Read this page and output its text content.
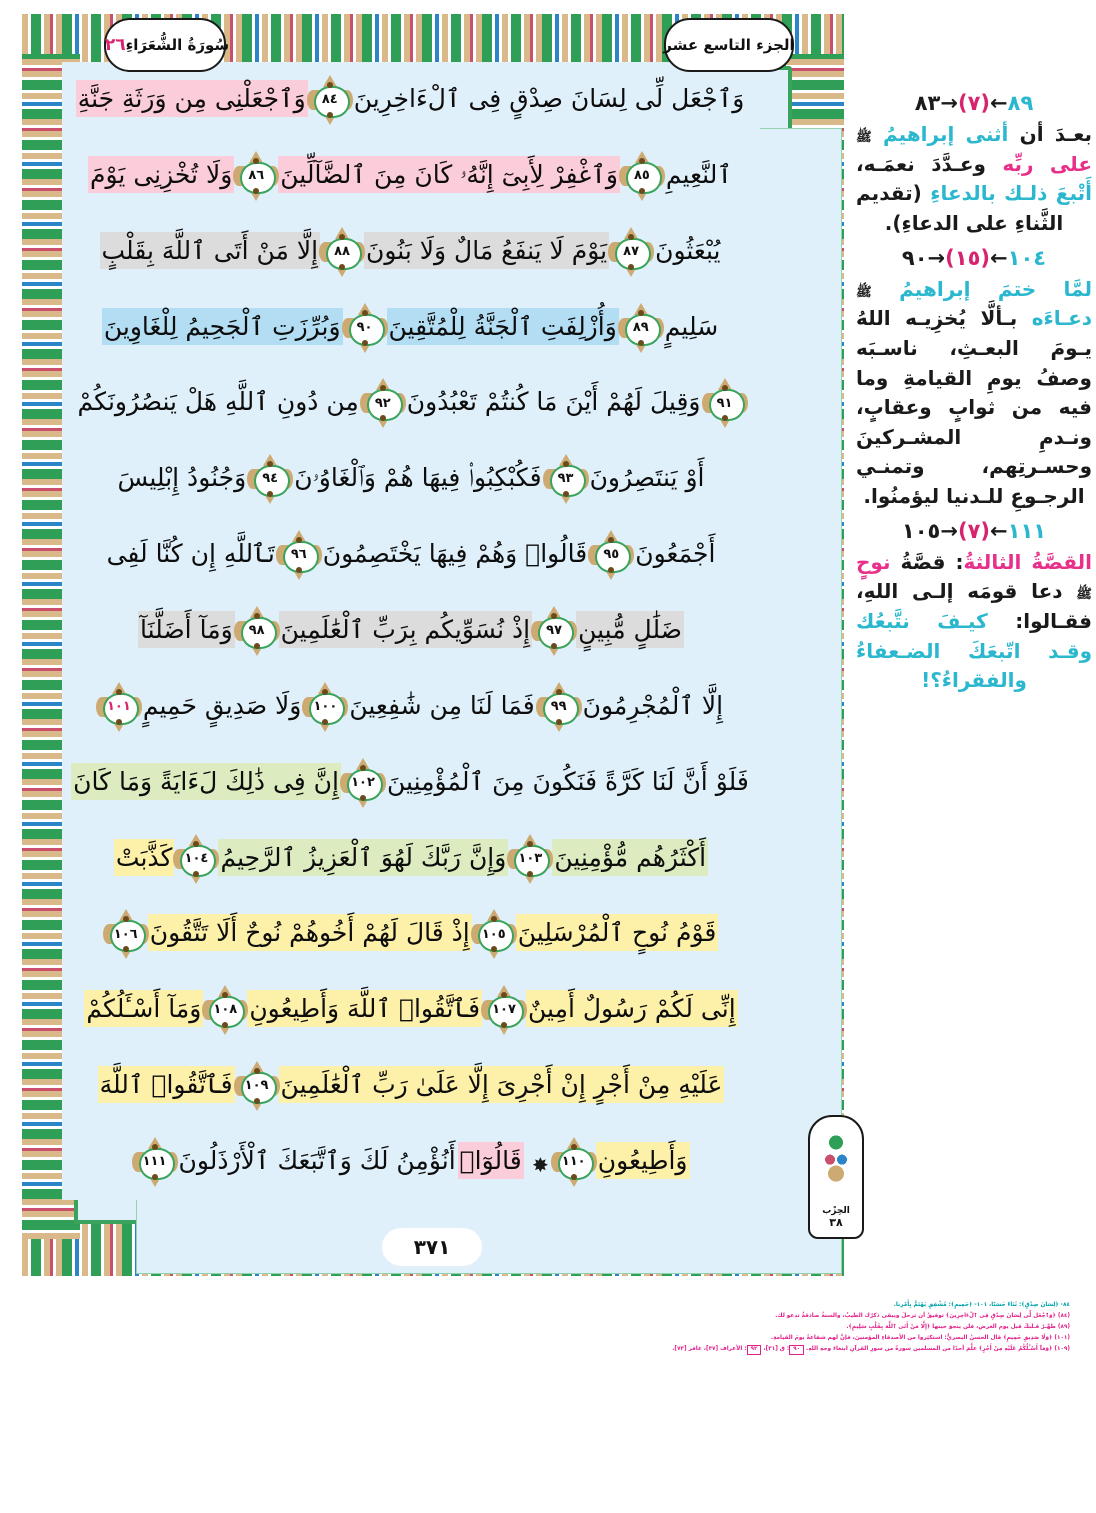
٢٦ سُورَةُ الشُّعَرَاءِ	الجزء التاسع عشر
وَٱجْعَل لِّى لِسَانَ صِدْقٍ فِى ٱلْءَاخِرِينَ
٨٤
وَٱجْعَلْنِى مِن وَرَثَةِ جَنَّةِ
ٱلنَّعِيمِ
٨٥
وَٱغْفِرْ لِأَبِىٓ إِنَّهُۥ كَانَ مِنَ ٱلضَّآلِّينَ
٨٦
وَلَا تُخْزِنِى يَوْمَ
يُبْعَثُونَ
٨٧
يَوْمَ لَا يَنفَعُ مَالٌ وَلَا بَنُونَ
٨٨
إِلَّا مَنْ أَتَى ٱللَّهَ بِقَلْبٍ
سَلِيمٍ
٨٩
وَأُزْلِفَتِ ٱلْجَنَّةُ لِلْمُتَّقِينَ
٩٠
وَبُرِّزَتِ ٱلْجَحِيمُ لِلْغَاوِينَ
٩١
وَقِيلَ لَهُمْ أَيْنَ مَا كُنتُمْ تَعْبُدُونَ
٩٢
مِن دُونِ ٱللَّهِ هَلْ يَنصُرُونَكُمْ
أَوْ يَنتَصِرُونَ
٩٣
فَكُبْكِبُوا۟ فِيهَا هُمْ وَٱلْغَاوُۥنَ
٩٤
وَجُنُودُ إِبْلِيسَ
أَجْمَعُونَ
٩٥
قَالُوا۟ وَهُمْ فِيهَا يَخْتَصِمُونَ
٩٦
تَٱللَّهِ إِن كُنَّا لَفِى
ضَلَٰلٍ مُّبِينٍ
٩٧
إِذْ نُسَوِّيكُم بِرَبِّ ٱلْعَٰلَمِينَ
٩٨
وَمَآ أَضَلَّنَآ
إِلَّا ٱلْمُجْرِمُونَ
٩٩
فَمَا لَنَا مِن شَٰفِعِينَ
١٠٠
وَلَا صَدِيقٍ حَمِيمٍ
١٠١
فَلَوْ أَنَّ لَنَا كَرَّةً فَنَكُونَ مِنَ ٱلْمُؤْمِنِينَ
١٠٢
إِنَّ فِى ذَٰلِكَ لَءَايَةً وَمَا كَانَ
أَكْثَرُهُم مُّؤْمِنِينَ
١٠٣
وَإِنَّ رَبَّكَ لَهُوَ ٱلْعَزِيزُ ٱلرَّحِيمُ
١٠٤
كَذَّبَتْ
قَوْمُ نُوحٍ ٱلْمُرْسَلِينَ
١٠٥
إِذْ قَالَ لَهُمْ أَخُوهُمْ نُوحٌ أَلَا تَتَّقُونَ
١٠٦
إِنِّى لَكُمْ رَسُولٌ أَمِينٌ
١٠٧
فَٱتَّقُوا۟ ٱللَّهَ وَأَطِيعُونِ
١٠٨
وَمَآ أَسْـَٔلُكُمْ
عَلَيْهِ مِنْ أَجْرٍ إِنْ أَجْرِىَ إِلَّا عَلَىٰ رَبِّ ٱلْعَٰلَمِينَ
١٠٩
فَٱتَّقُوا۟ ٱللَّهَ
وَأَطِيعُونِ
١١٠
✸قَالُوٓا۟أَنُؤْمِنُ لَكَ وَٱتَّبَعَكَ ٱلْأَرْذَلُونَ
١١١
الحِزْب
٣٨
٣٧١
٨٩←(٧)→٨٣
بعـدَ أن أثنى إبراهيمُ ﷺ على ربِّه وعـدَّدَ نعمَـه، أَتْبعَ ذلـك بالدعاءِ (تقديم الثَّناءِ على الدعاءِ).
١٠٤←(١٥)→٩٠
لمَّا ختمَ إبراهيمُ ﷺ دعـاءَه بـألَّا يُخزِيـه اللهُ يـومَ البعـثِ، ناسـبَه وصفُ يومِ القيامةِ وما فيه من ثوابٍ وعقابٍ، ونـدمِ المشـركينَ وحسـرتِهم، وتمنـي الرجـوعِ للـدنيا ليؤمنُوا.
١١١←(٧)→١٠٥
القصَّةُ الثالثةُ: قصَّةُ نوحٍ ﷺ دعا قومَه إلـى اللهِ، فقـالوا: كيـفَ نتَّبعُك وقـد اتّبعَكَ الضـعفاءُ والفقراءُ؟!
٨٤- ﴿لِسَانَ صِدْقٍ﴾: ثَنَاءً حَسَنًا، ١٠١- ﴿حَمِيمٍ﴾: مُشْفِقٍ يَهْتَمُّ بِأَمْرِنا.
(٨٤) ﴿وَٱجْعَل لِّى لِسَانَ صِدْقٍ فِى ٱلْءَاخِرِينَ﴾ توفيقُ أن ترحلَ ويبقى ذكرُك الطيبُ، والسنةُ صادقةٌ تدعو لك.
(٨٩) طهِّـرْ قـلبكَ قبل يومِ العرضِ، فلن ينجوَ حينها ﴿إِلَّا مَنْ أَتَى ٱللَّهَ بِقَلْبٍ سَلِيمٍ﴾.
(١٠١) ﴿وَلَا صَدِيقٍ حَمِيمٍ﴾ قال الحسنُ البصريُّ: استكثِروا من الأصدقاءِ المؤمنينَ، فإنَّ لهم شفاعةً يومَ القيامةِ.
(١٠٩) ﴿وَمَآ أَسْـَٔلُكُمْ عَلَيْهِ مِنْ أَجْرٍ﴾ علَّمَ أحدًا من المسلمين سورةً من سورِ القرآنِ ابتغاءَ وجهِ اللهِ. ٩٠: ق [٣١]، ٩٢: الأعراف [٣٧]، غافر [٧٣].
